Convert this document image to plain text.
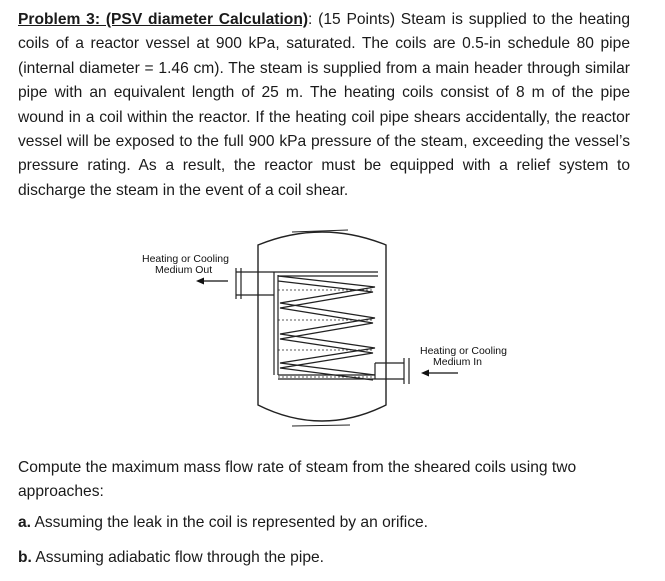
Problem 3: (PSV diameter Calculation): (15 Points) Steam is supplied to the heating coils of a reactor vessel at 900 kPa, saturated. The coils are 0.5-in schedule 80 pipe (internal diameter = 1.46 cm). The steam is supplied from a main header through similar pipe with an equivalent length of 25 m. The heating coils consist of 8 m of the pipe wound in a coil within the reactor. If the heating coil pipe shears accidentally, the reactor vessel will be exposed to the full 900 kPa pressure of the steam, exceeding the vessel’s pressure rating. As a result, the reactor must be equipped with a relief system to discharge the steam in the event of a coil shear.

Heating or Cooling
Medium Out
Heating or Cooling
Medium In

Compute the maximum mass flow rate of steam from the sheared coils using two approaches:

a. Assuming the leak in the coil is represented by an orifice.

b. Assuming adiabatic flow through the pipe.
